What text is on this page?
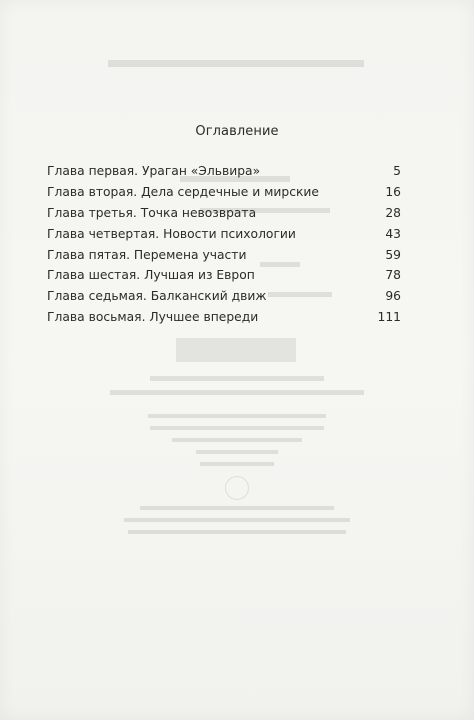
Оглавление
Глава первая. Ураган «Эльвира»	5
Глава вторая. Дела сердечные и мирские	16
Глава третья. Точка невозврата	28
Глава четвертая. Новости психологии	43
Глава пятая. Перемена участи	59
Глава шестая. Лучшая из Европ	78
Глава седьмая. Балканский движ	96
Глава восьмая. Лучшее впереди	111
